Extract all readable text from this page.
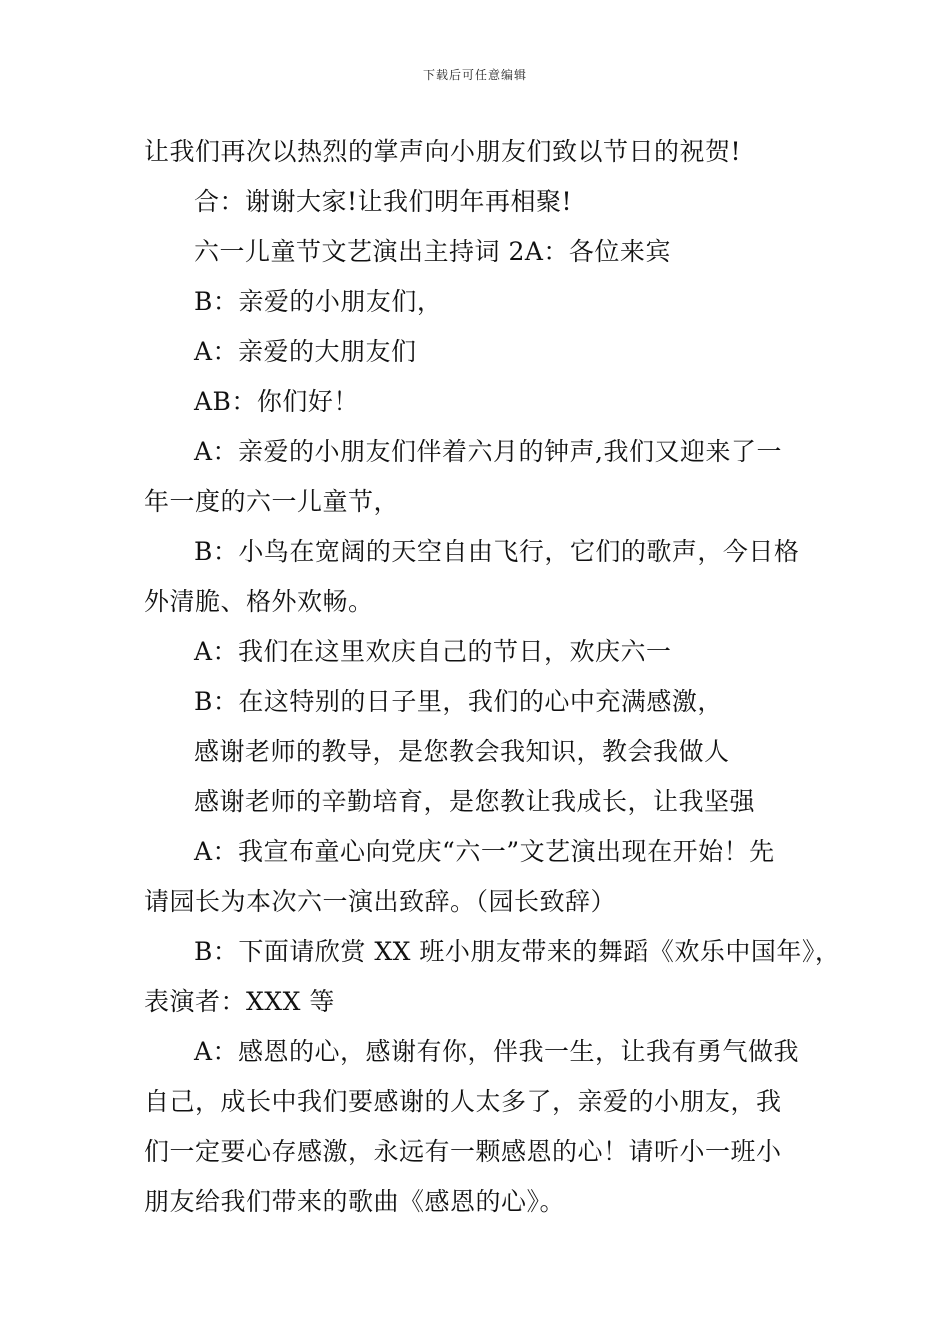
下载后可任意编辑
让我们再次以热烈的掌声向小朋友们致以节日的祝贺!
合：谢谢大家!让我们明年再相聚!
六一儿童节文艺演出主持词 2A：各位来宾
B：亲爱的小朋友们，
A：亲爱的大朋友们
AB：你们好！
A：亲爱的小朋友们伴着六月的钟声,我们又迎来了一
年一度的六一儿童节，
B：小鸟在宽阔的天空自由飞行，它们的歌声，今日格
外清脆、格外欢畅。
A：我们在这里欢庆自己的节日，欢庆六一
B：在这特别的日子里，我们的心中充满感激，
感谢老师的教导，是您教会我知识，教会我做人
感谢老师的辛勤培育，是您教让我成长，让我坚强
A：我宣布童心向党庆“六一”文艺演出现在开始！先
请园长为本次六一演出致辞。（园长致辞）
B：下面请欣赏 XX 班小朋友带来的舞蹈《欢乐中国年》，
表演者：XXX 等
A：感恩的心，感谢有你，伴我一生，让我有勇气做我
自己，成长中我们要感谢的人太多了，亲爱的小朋友，我
们一定要心存感激，永远有一颗感恩的心！请听小一班小
朋友给我们带来的歌曲《感恩的心》。
